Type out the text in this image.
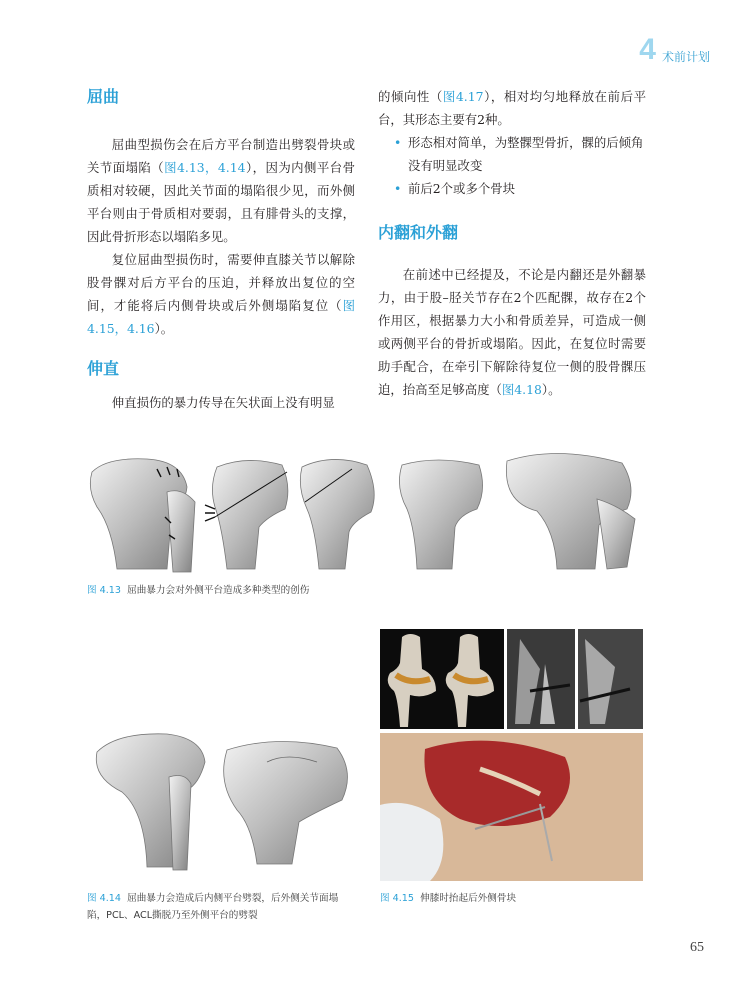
4 术前计划
屈曲

屈曲型损伤会在后方平台制造出劈裂骨块或关节面塌陷（图4.13，4.14），因为内侧平台骨质相对较硬，因此关节面的塌陷很少见，而外侧平台则由于骨质相对要弱，且有腓骨头的支撑，因此骨折形态以塌陷多见。

复位屈曲型损伤时，需要伸直膝关节以解除股骨髁对后方平台的压迫，并释放出复位的空间，才能将后内侧骨块或后外侧塌陷复位（图4.15，4.16）。

伸直

伸直损伤的暴力传导在矢状面上没有明显

的倾向性（图4.17），相对均匀地释放在前后平台，其形态主要有2种。

• 形态相对简单，为整髁型骨折，髁的后倾角没有明显改变
• 前后2个或多个骨块
内翻和外翻

在前述中已经提及，不论是内翻还是外翻暴力，由于股–胫关节存在2个匹配髁，故存在2个作用区，根据暴力大小和骨质差异，可造成一侧或两侧平台的骨折或塌陷。因此，在复位时需要助手配合，在牵引下解除待复位一侧的股骨髁压迫，抬高至足够高度（图4.18）。

图 4.13 屈曲暴力会对外侧平台造成多种类型的创伤
图 4.14 屈曲暴力会造成后内侧平台劈裂，后外侧关节面塌陷，PCL、ACL撕脱乃至外侧平台的劈裂
图 4.15 伸膝时抬起后外侧骨块
65
